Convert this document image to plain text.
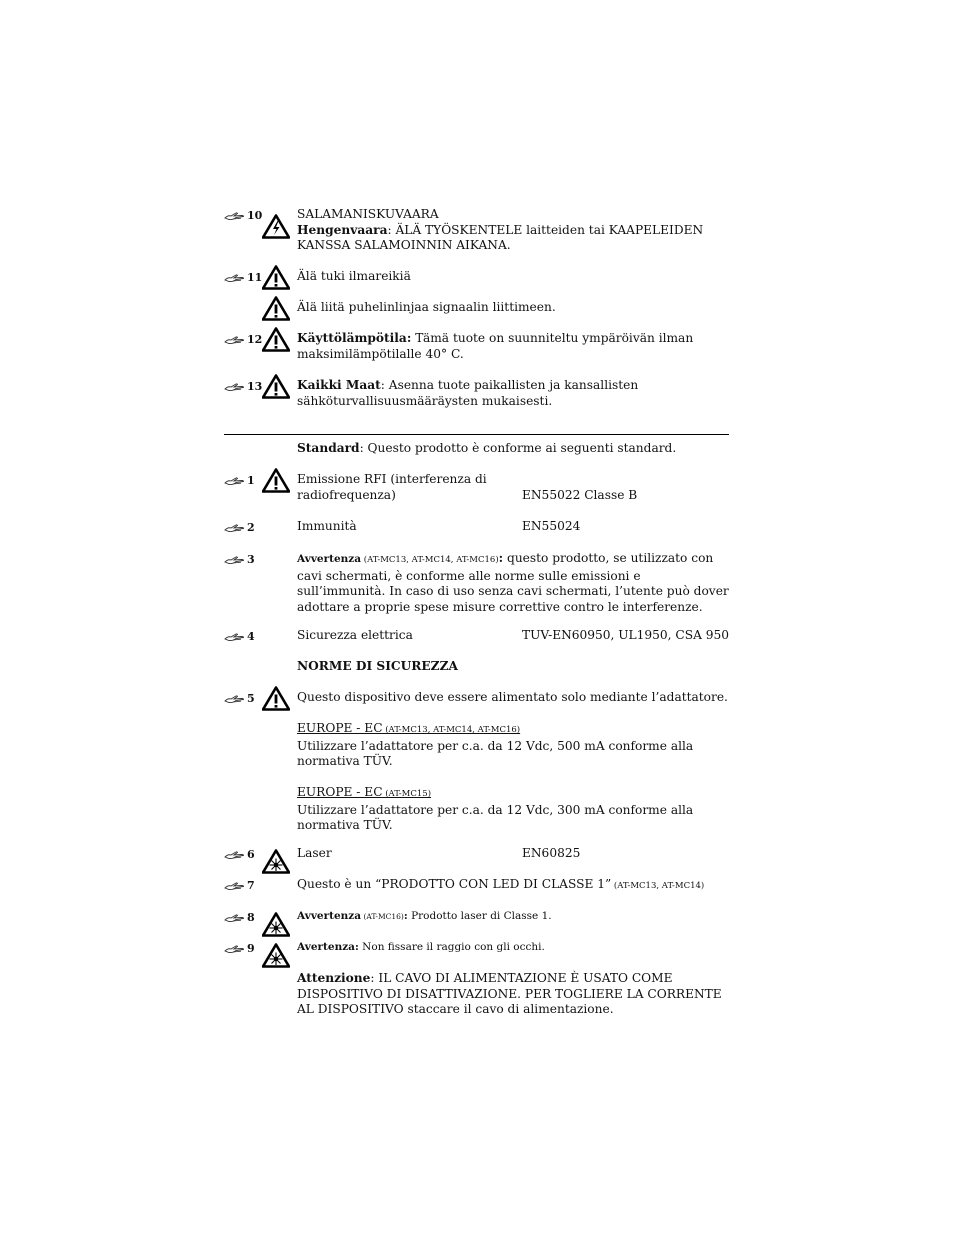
10	SALAMANISKUVAARA
Hengenvaara: ÄLÄ TYÖSKENTELE laitteiden tai KAAPELEIDEN KANSSA SALAMOINNIN AIKANA.
11	Älä tuki ilmareikiä
Älä liitä puhelinlinjaa signaalin liittimeen.
12	Käyttölämpötila: Tämä tuote on suunniteltu ympäröivän ilman maksimilämpötilalle 40° C.
13	Kaikki Maat: Asenna tuote paikallisten ja kansallisten sähköturvallisuusmääräysten mukaisesti.
Standard: Questo prodotto è conforme ai seguenti standard.
1	Emissione RFI (interferenza di
radiofrequenza)	EN55022 Classe B
2	Immunità	EN55024
3	Avvertenza (AT-MC13, AT-MC14, AT-MC16): questo prodotto, se utilizzato con cavi schermati, è conforme alle norme sulle emissioni e sull’immunità. In caso di uso senza cavi schermati, l’utente può dover adottare a proprie spese misure correttive contro le interferenze.
4	Sicurezza elettrica	TUV-EN60950, UL1950, CSA 950
NORME DI SICUREZZA
5	Questo dispositivo deve essere alimentato solo mediante l’adattatore.
EUROPE - EC (AT-MC13, AT-MC14, AT-MC16)
Utilizzare l’adattatore per c.a. da 12 Vdc, 500 mA conforme alla normativa TÜV.
EUROPE - EC (AT-MC15)
Utilizzare l’adattatore per c.a. da 12 Vdc, 300 mA conforme alla normativa TÜV.
6	Laser	EN60825
7	Questo è un “PRODOTTO CON LED DI CLASSE 1” (AT-MC13, AT-MC14)
8	Avvertenza (AT-MC16): Prodotto laser di Classe 1.
9	Avertenza: Non fissare il raggio con gli occhi.
Attenzione: IL CAVO DI ALIMENTAZIONE È USATO COME DISPOSITIVO DI DISATTIVAZIONE. PER TOGLIERE LA CORRENTE AL DISPOSITIVO staccare il cavo di alimentazione.
